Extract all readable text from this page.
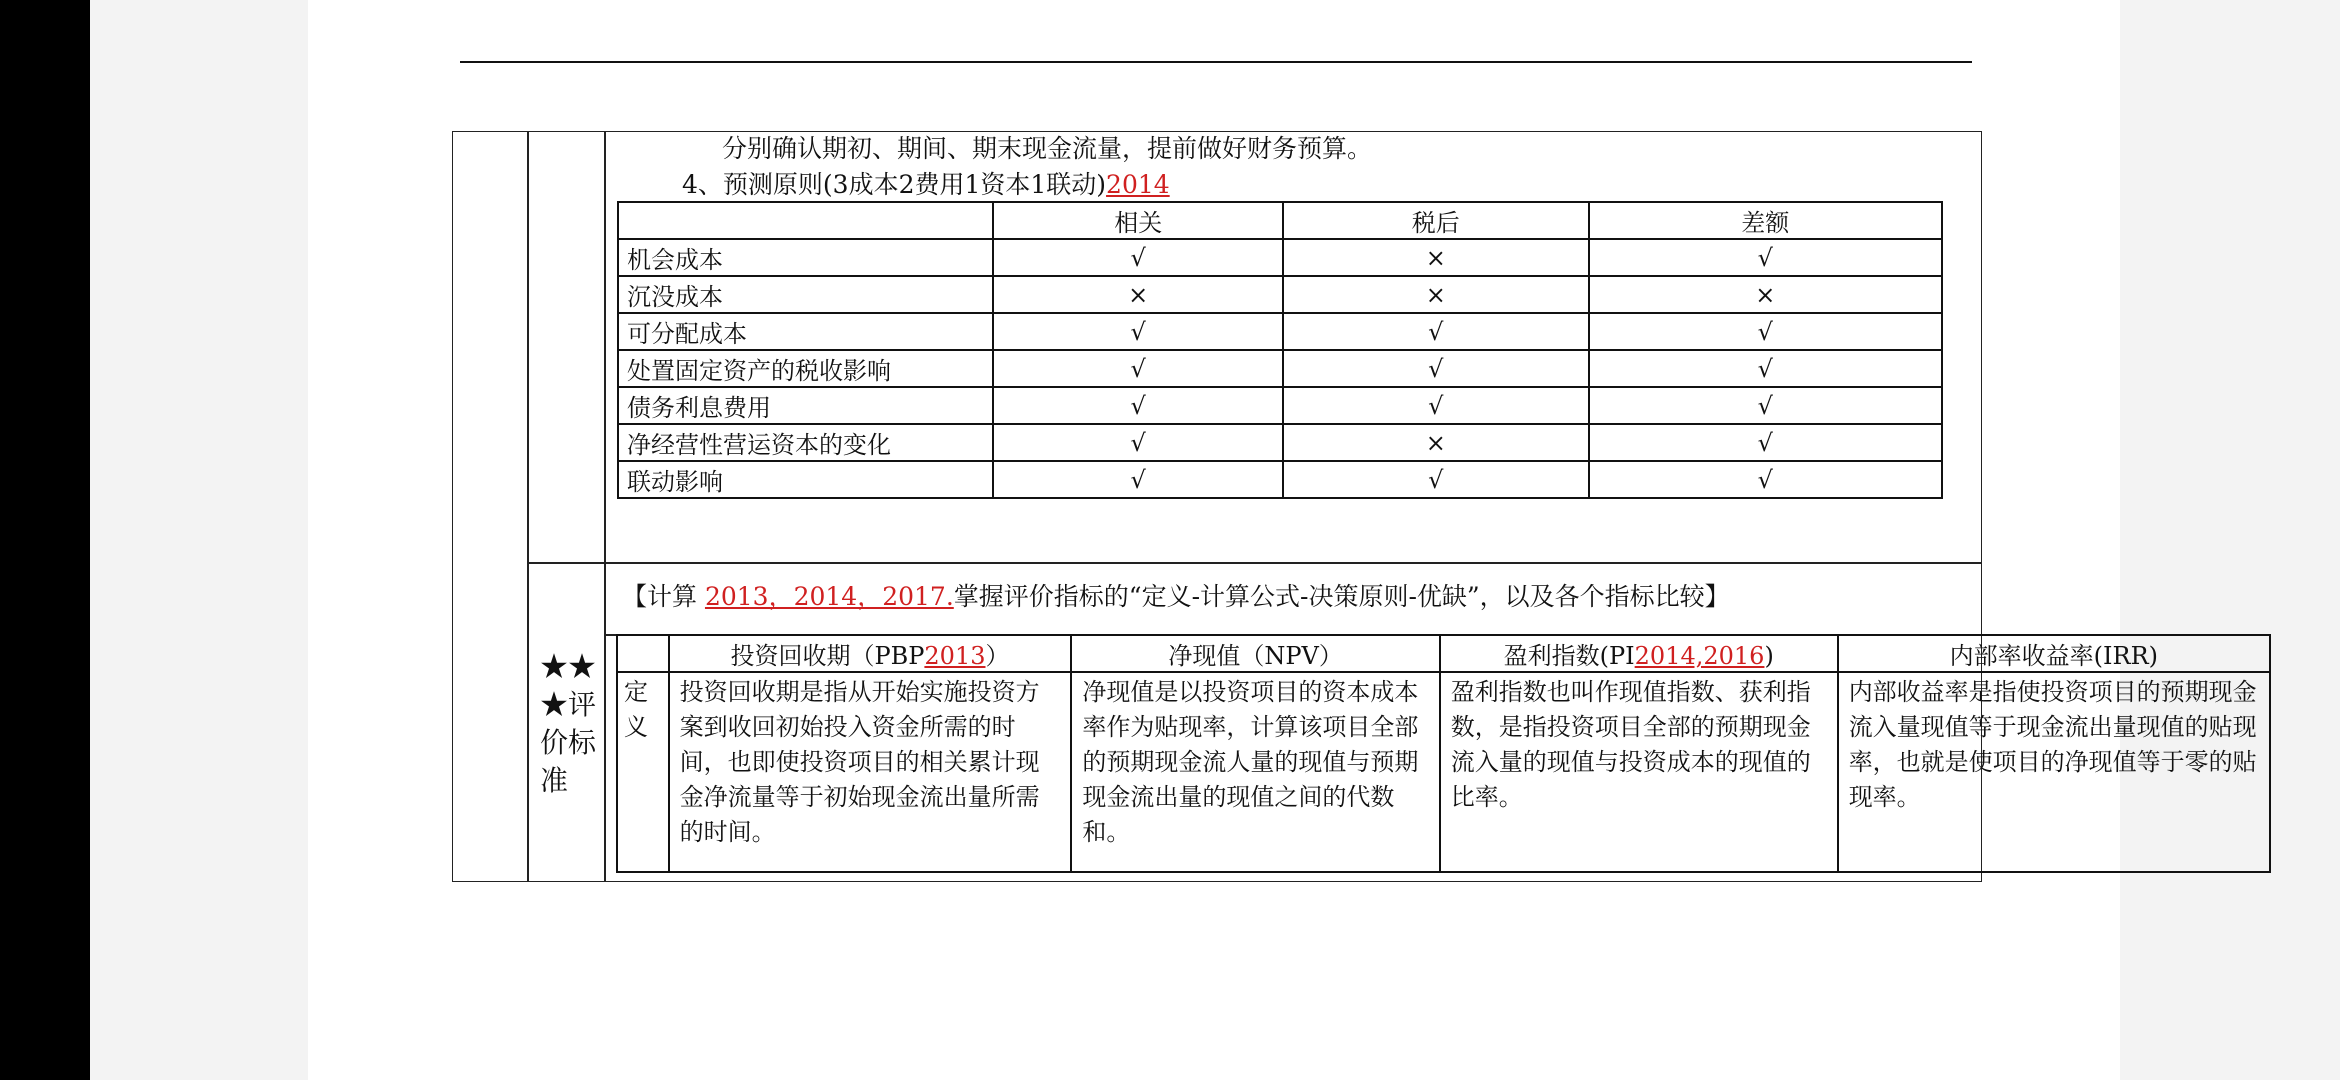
分别确认期初、期间、期末现金流量，提前做好财务预算。
4、预测原则(3成本2费用1资本1联动)2014
	相关	税后	差额
机会成本	√	×	√
沉没成本	×	×	×
可分配成本	√	√	√
处置固定资产的税收影响	√	√	√
债务利息费用	√	√	√
净经营性营运资本的变化	√	×	√
联动影响	√	√	√
★★★评价标准
【计算 2013，2014，2017.掌握评价指标的“定义-计算公式-决策原则-优缺”，以及各个指标比较】
	投资回收期（PBP2013）	净现值（NPV）	盈利指数(PI2014,2016)	内部率收益率(IRR)
定义	投资回收期是指从开始实施投资方案到收回初始投入资金所需的时间，也即使投资项目的相关累计现金净流量等于初始现金流出量所需的时间。	净现值是以投资项目的资本成本率作为贴现率，计算该项目全部的预期现金流人量的现值与预期现金流出量的现值之间的代数和。	盈利指数也叫作现值指数、获利指数，是指投资项目全部的预期现金流入量的现值与投资成本的现值的比率。	内部收益率是指使投资项目的预期现金流入量现值等于现金流出量现值的贴现率，也就是使项目的净现值等于零的贴现率。
